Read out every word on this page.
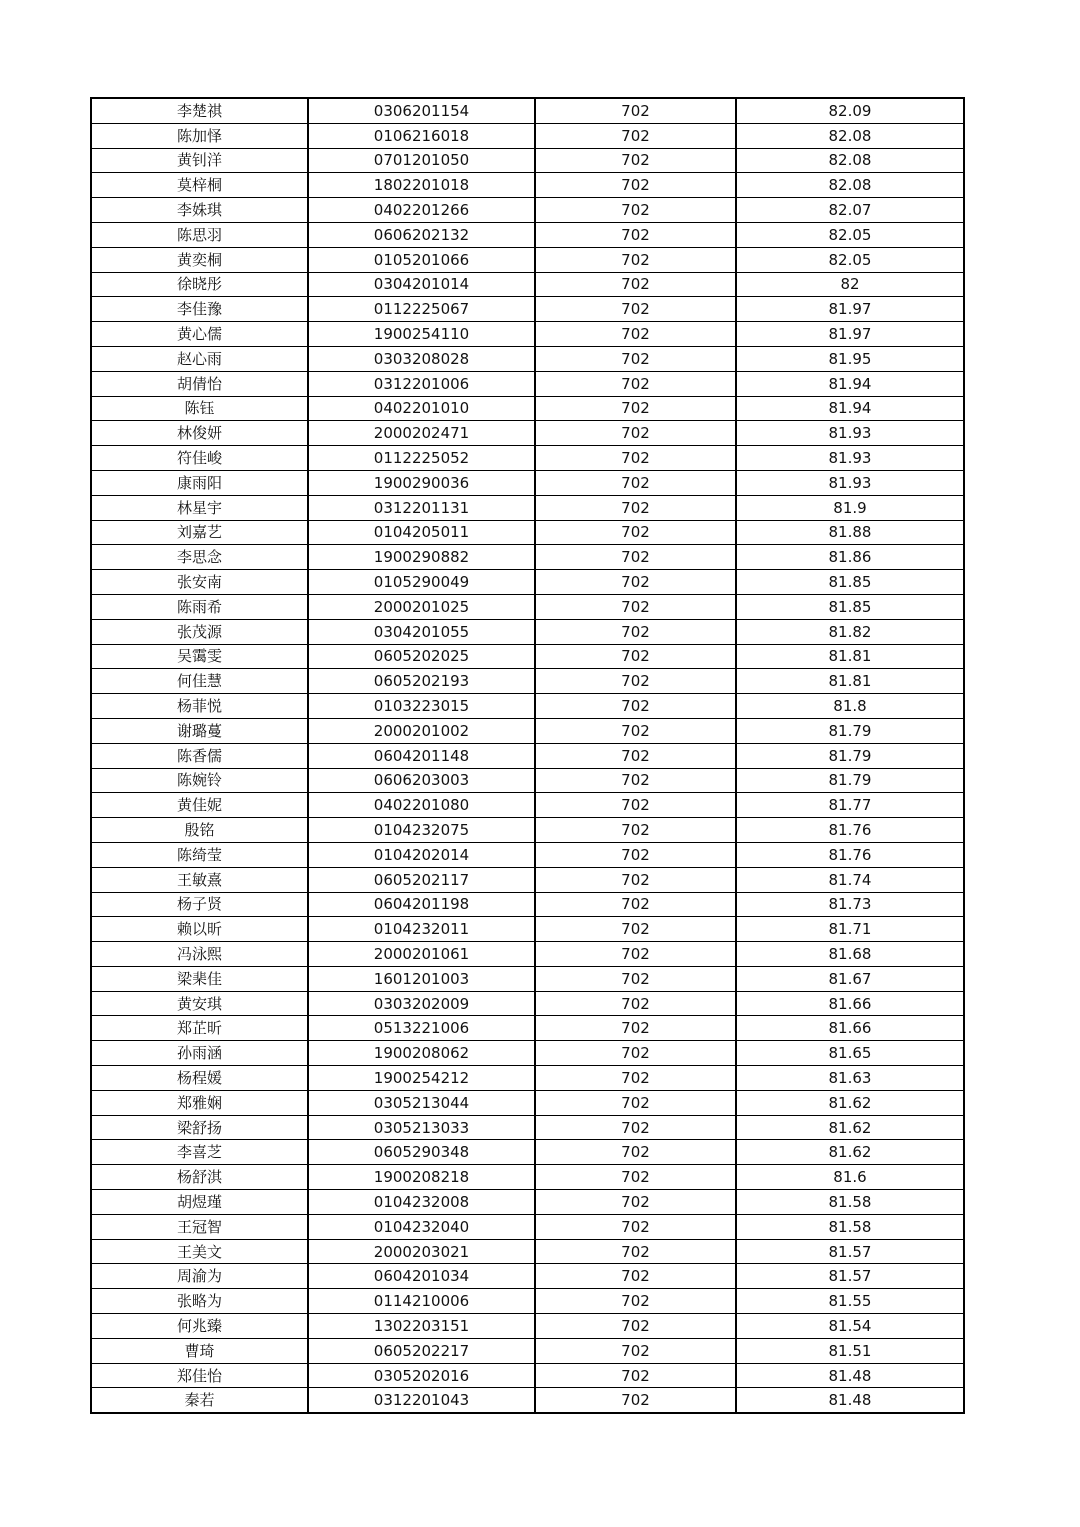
李楚祺	0306201154	702	82.09
陈加怿	0106216018	702	82.08
黄钊洋	0701201050	702	82.08
莫梓桐	1802201018	702	82.08
李姝琪	0402201266	702	82.07
陈思羽	0606202132	702	82.05
黄奕桐	0105201066	702	82.05
徐晓彤	0304201014	702	82
李佳豫	0112225067	702	81.97
黄心儒	1900254110	702	81.97
赵心雨	0303208028	702	81.95
胡倩怡	0312201006	702	81.94
陈钰	0402201010	702	81.94
林俊妍	2000202471	702	81.93
符佳峻	0112225052	702	81.93
康雨阳	1900290036	702	81.93
林星宇	0312201131	702	81.9
刘嘉艺	0104205011	702	81.88
李思念	1900290882	702	81.86
张安南	0105290049	702	81.85
陈雨希	2000201025	702	81.85
张茂源	0304201055	702	81.82
吴霭雯	0605202025	702	81.81
何佳慧	0605202193	702	81.81
杨菲悦	0103223015	702	81.8
谢璐蔓	2000201002	702	81.79
陈香儒	0604201148	702	81.79
陈婉铃	0606203003	702	81.79
黄佳妮	0402201080	702	81.77
殷铭	0104232075	702	81.76
陈绮莹	0104202014	702	81.76
王敏熹	0605202117	702	81.74
杨子贤	0604201198	702	81.73
赖以昕	0104232011	702	81.71
冯泳熙	2000201061	702	81.68
梁棐佳	1601201003	702	81.67
黄安琪	0303202009	702	81.66
郑芷昕	0513221006	702	81.66
孙雨涵	1900208062	702	81.65
杨程媛	1900254212	702	81.63
郑雅娴	0305213044	702	81.62
梁舒扬	0305213033	702	81.62
李喜芝	0605290348	702	81.62
杨舒淇	1900208218	702	81.6
胡煜瑾	0104232008	702	81.58
王冠智	0104232040	702	81.58
王美文	2000203021	702	81.57
周渝为	0604201034	702	81.57
张略为	0114210006	702	81.55
何兆臻	1302203151	702	81.54
曹琦	0605202217	702	81.51
郑佳怡	0305202016	702	81.48
秦若	0312201043	702	81.48
